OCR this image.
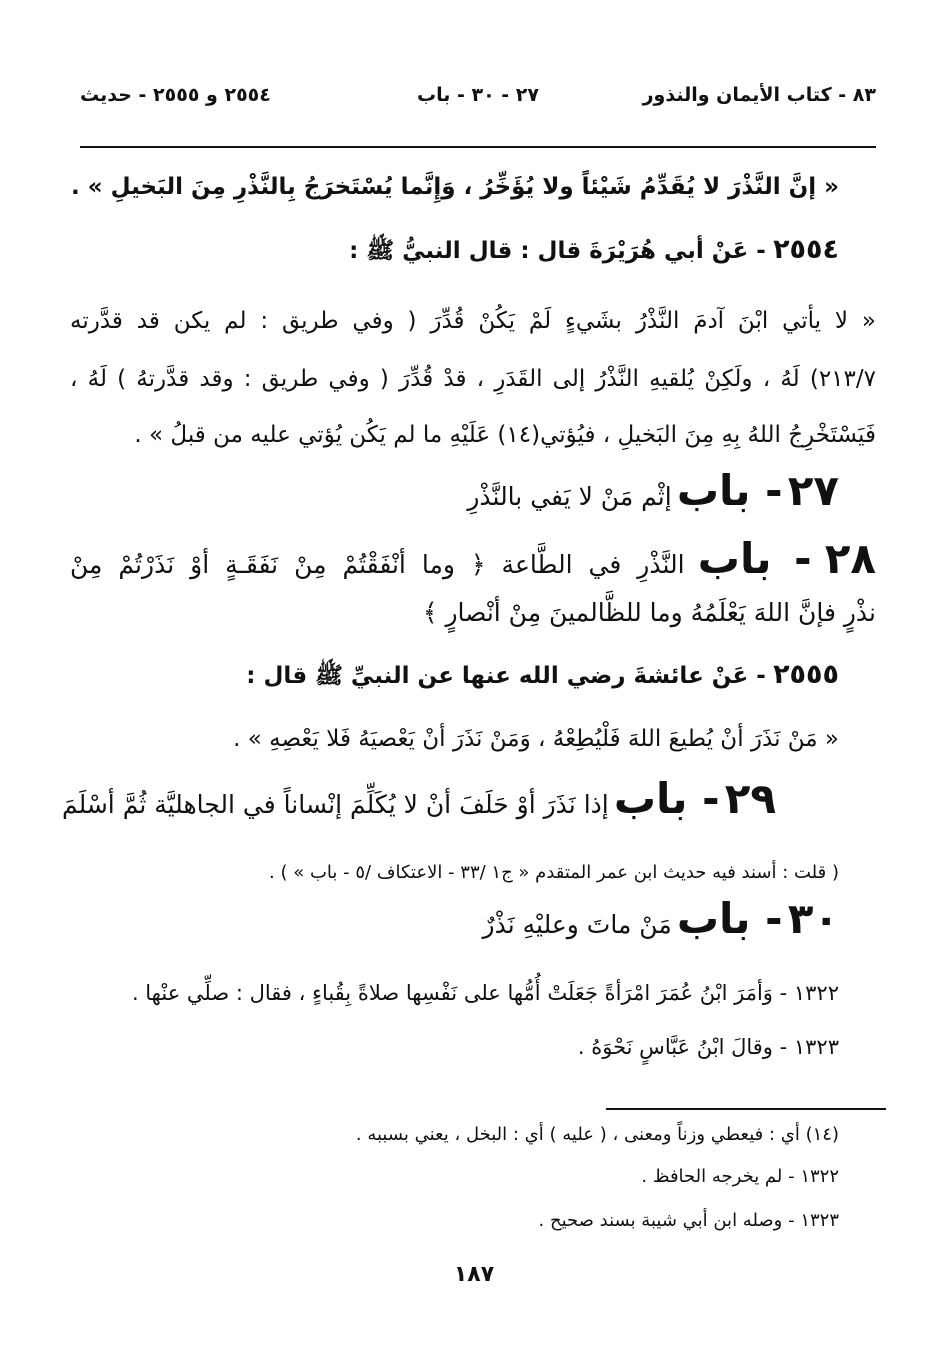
٨٣ - كتاب الأيمان والنذور
٢٧ - ٣٠ - باب
٢٥٥٤ و ٢٥٥٥ - حديث
« إنَّ النَّذْرَ لا يُقَدِّمُ شَيْئاً ولا يُؤَخِّرُ ، وَإِنَّما يُسْتَخرَجُ بِالنَّذْرِ مِنَ البَخيلِ » .
٢٥٥٤ - عَنْ أبي هُرَيْرَةَ قال : قال النبيُّ ﷺ :
« لا يأتي ابْنَ آدمَ النَّذْرُ بشَيءٍ لَمْ يَكُنْ قُدِّرَ ( وفي طريق : لم يكن قد قدَّرته
٢١٣/٧) لَهُ ، ولَكِنْ يُلقيهِ النَّذْرُ إلى القَدَرِ ، قدْ قُدِّرَ ( وفي طريق : وقد قدَّرتهُ ) لَهُ ،
فَيَسْتَخْرِجُ اللهُ بِهِ مِنَ البَخيلِ ، فيُؤتي(١٤) عَلَيْهِ ما لم يَكُن يُؤتي عليه من قبلُ » .
٢٧ - باب إثْم مَنْ لا يَفي بالنَّذْرِ
٢٨ - باب النَّذْرِ في الطَّاعة ﴿ وما أنْفَقْتُمْ مِنْ نَفَقَـةٍ أوْ نَذَرْتُمْ مِنْ
نذْرٍ فإنَّ اللهَ يَعْلَمُهُ وما للظَّالمينَ مِنْ أنْصارٍ ﴾
٢٥٥٥ - عَنْ عائشةَ رضي الله عنها عن النبيِّ ﷺ قال :
« مَنْ نَذَرَ أنْ يُطيعَ اللهَ فَلْيُطِعْهُ ، وَمَنْ نَذَرَ أنْ يَعْصيَهُ فَلا يَعْصِهِ » .
٢٩ - باب إذا نَذَرَ أوْ حَلَفَ أنْ لا يُكَلِّمَ إنْساناً في الجاهليَّة ثُمَّ أسْلَمَ
( قلت : أسند فيه حديث ابن عمر المتقدم « ج١ /٣٣ - الاعتكاف /٥ - باب » ) .
٣٠ - باب مَنْ ماتَ وعليْهِ نَذْرٌ
١٣٢٢ - وَأمَرَ ابْنُ عُمَرَ امْرَأةً جَعَلَتْ أُمُّها على نَفْسِها صلاةً بِقُباءٍ ، فقال : صلِّي عنْها .
١٣٢٣ - وقالَ ابْنُ عَبَّاسٍ نَحْوَهُ .
(١٤) أي : فيعطي وزناً ومعنى ، ( عليه ) أي : البخل ، يعني بسببه .
١٣٢٢ - لم يخرجه الحافظ .
١٣٢٣ - وصله ابن أبي شيبة بسند صحيح .
١٨٧
